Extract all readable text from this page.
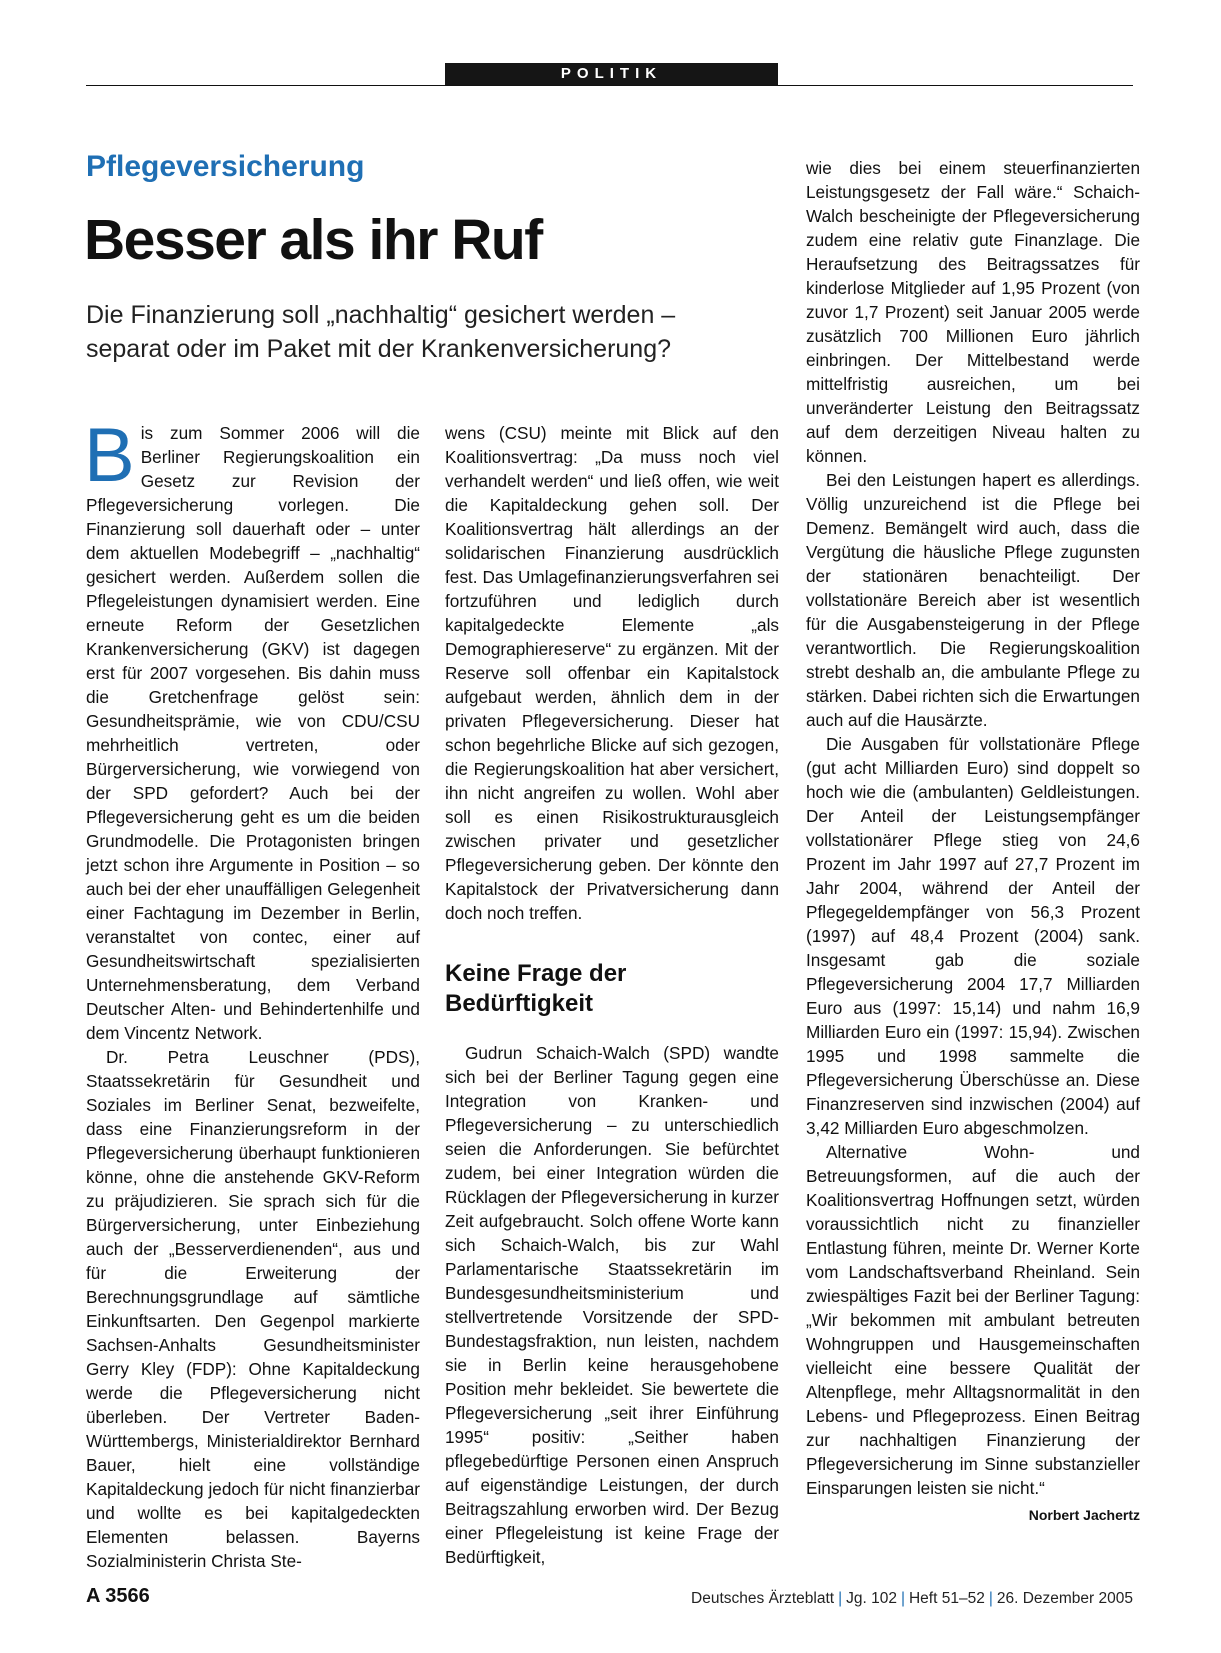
POLITIK
Pflegeversicherung
Besser als ihr Ruf
Die Finanzierung soll „nachhaltig“ gesichert werden – separat oder im Paket mit der Krankenversicherung?

Bis zum Sommer 2006 will die Berliner Regierungskoalition ein Gesetz zur Revision der Pflegeversicherung vorlegen. Die Finanzierung soll dauerhaft oder – unter dem aktuellen Modebegriff – „nachhaltig“ gesichert werden. Außerdem sollen die Pflegeleistungen dynamisiert werden. Eine erneute Reform der Gesetzlichen Krankenversicherung (GKV) ist dagegen erst für 2007 vorgesehen. Bis dahin muss die Gretchenfrage gelöst sein: Gesundheitsprämie, wie von CDU/CSU mehrheitlich vertreten, oder Bürgerversicherung, wie vorwiegend von der SPD gefordert? Auch bei der Pflegeversicherung geht es um die beiden Grundmodelle. Die Protagonisten bringen jetzt schon ihre Argumente in Position – so auch bei der eher unauffälligen Gelegenheit einer Fachtagung im Dezember in Berlin, veranstaltet von contec, einer auf Gesundheitswirtschaft spezialisierten Unternehmensberatung, dem Verband Deutscher Alten- und Behindertenhilfe und dem Vincentz Network.

Dr. Petra Leuschner (PDS), Staatssekretärin für Gesundheit und Soziales im Berliner Senat, bezweifelte, dass eine Finanzierungsreform in der Pflegeversicherung überhaupt funktionieren könne, ohne die anstehende GKV-Reform zu präjudizieren. Sie sprach sich für die Bürgerversicherung, unter Einbeziehung auch der „Besserverdienenden“, aus und für die Erweiterung der Berechnungsgrundlage auf sämtliche Einkunftsarten. Den Gegenpol markierte Sachsen-Anhalts Gesundheitsminister Gerry Kley (FDP): Ohne Kapitaldeckung werde die Pflegeversicherung nicht überleben. Der Vertreter Baden-Württembergs, Ministerialdirektor Bernhard Bauer, hielt eine vollständige Kapitaldeckung jedoch für nicht finanzierbar und wollte es bei kapitalgedeckten Elementen belassen. Bayerns Sozialministerin Christa Ste-

wens (CSU) meinte mit Blick auf den Koalitionsvertrag: „Da muss noch viel verhandelt werden“ und ließ offen, wie weit die Kapitaldeckung gehen soll. Der Koalitionsvertrag hält allerdings an der solidarischen Finanzierung ausdrücklich fest. Das Umlagefinanzierungsverfahren sei fortzuführen und lediglich durch kapitalgedeckte Elemente „als Demographiereserve“ zu ergänzen. Mit der Reserve soll offenbar ein Kapitalstock aufgebaut werden, ähnlich dem in der privaten Pflegeversicherung. Dieser hat schon begehrliche Blicke auf sich gezogen, die Regierungskoalition hat aber versichert, ihn nicht angreifen zu wollen. Wohl aber soll es einen Risikostrukturausgleich zwischen privater und gesetzlicher Pflegeversicherung geben. Der könnte den Kapitalstock der Privatversicherung dann doch noch treffen.

Keine Frage der Bedürftigkeit

Gudrun Schaich-Walch (SPD) wandte sich bei der Berliner Tagung gegen eine Integration von Kranken- und Pflegeversicherung – zu unterschiedlich seien die Anforderungen. Sie befürchtet zudem, bei einer Integration würden die Rücklagen der Pflegeversicherung in kurzer Zeit aufgebraucht. Solch offene Worte kann sich Schaich-Walch, bis zur Wahl Parlamentarische Staatssekretärin im Bundesgesundheitsministerium und stellvertretende Vorsitzende der SPD-Bundestagsfraktion, nun leisten, nachdem sie in Berlin keine herausgehobene Position mehr bekleidet. Sie bewertete die Pflegeversicherung „seit ihrer Einführung 1995“ positiv: „Seither haben pflegebedürftige Personen einen Anspruch auf eigenständige Leistungen, der durch Beitragszahlung erworben wird. Der Bezug einer Pflegeleistung ist keine Frage der Bedürftigkeit,

wie dies bei einem steuerfinanzierten Leistungsgesetz der Fall wäre.“ Schaich-Walch bescheinigte der Pflegeversicherung zudem eine relativ gute Finanzlage. Die Heraufsetzung des Beitragssatzes für kinderlose Mitglieder auf 1,95 Prozent (von zuvor 1,7 Prozent) seit Januar 2005 werde zusätzlich 700 Millionen Euro jährlich einbringen. Der Mittelbestand werde mittelfristig ausreichen, um bei unveränderter Leistung den Beitragssatz auf dem derzeitigen Niveau halten zu können.

Bei den Leistungen hapert es allerdings. Völlig unzureichend ist die Pflege bei Demenz. Bemängelt wird auch, dass die Vergütung die häusliche Pflege zugunsten der stationären benachteiligt. Der vollstationäre Bereich aber ist wesentlich für die Ausgabensteigerung in der Pflege verantwortlich. Die Regierungskoalition strebt deshalb an, die ambulante Pflege zu stärken. Dabei richten sich die Erwartungen auch auf die Hausärzte.

Die Ausgaben für vollstationäre Pflege (gut acht Milliarden Euro) sind doppelt so hoch wie die (ambulanten) Geldleistungen. Der Anteil der Leistungsempfänger vollstationärer Pflege stieg von 24,6 Prozent im Jahr 1997 auf 27,7 Prozent im Jahr 2004, während der Anteil der Pflegegeldempfänger von 56,3 Prozent (1997) auf 48,4 Prozent (2004) sank. Insgesamt gab die soziale Pflegeversicherung 2004 17,7 Milliarden Euro aus (1997: 15,14) und nahm 16,9 Milliarden Euro ein (1997: 15,94). Zwischen 1995 und 1998 sammelte die Pflegeversicherung Überschüsse an. Diese Finanzreserven sind inzwischen (2004) auf 3,42 Milliarden Euro abgeschmolzen.

Alternative Wohn- und Betreuungsformen, auf die auch der Koalitionsvertrag Hoffnungen setzt, würden voraussichtlich nicht zu finanzieller Entlastung führen, meinte Dr. Werner Korte vom Landschaftsverband Rheinland. Sein zwiespältiges Fazit bei der Berliner Tagung: „Wir bekommen mit ambulant betreuten Wohngruppen und Hausgemeinschaften vielleicht eine bessere Qualität der Altenpflege, mehr Alltagsnormalität in den Lebens- und Pflegeprozess. Einen Beitrag zur nachhaltigen Finanzierung der Pflegeversicherung im Sinne substanzieller Einsparungen leisten sie nicht.“
Norbert Jachertz

A 3566	Deutsches Ärzteblatt | Jg. 102 | Heft 51–52 | 26. Dezember 2005
